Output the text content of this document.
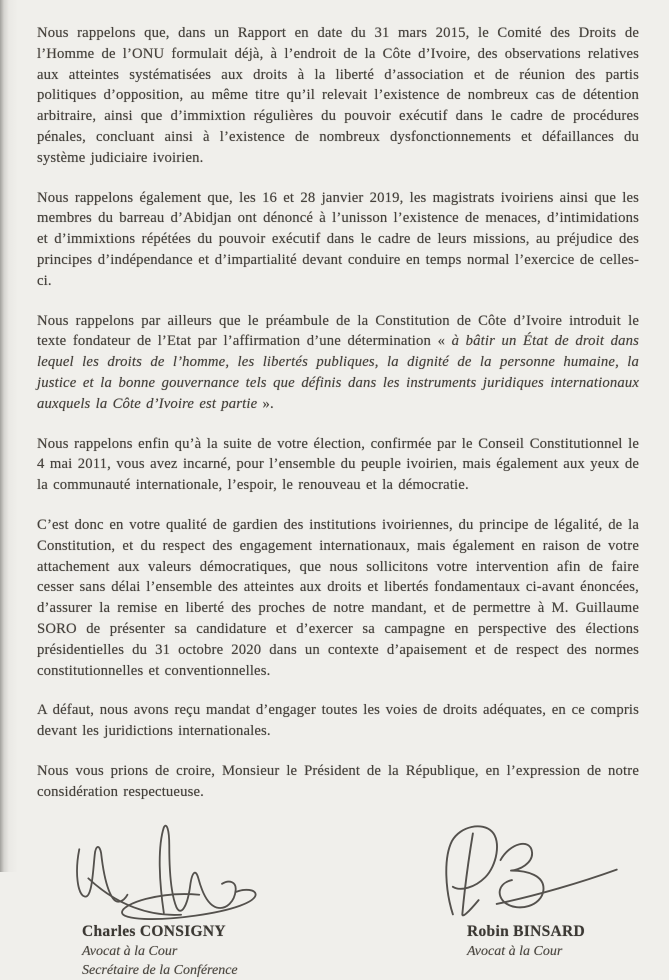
Nous rappelons que, dans un Rapport en date du 31 mars 2015, le Comité des Droits de l’Homme de l’ONU formulait déjà, à l’endroit de la Côte d’Ivoire, des observations relatives aux atteintes systématisées aux droits à la liberté d’association et de réunion des partis politiques d’opposition, au même titre qu’il relevait l’existence de nombreux cas de détention arbitraire, ainsi que d’immixtion régulières du pouvoir exécutif dans le cadre de procédures pénales, concluant ainsi à l’existence de nombreux dysfonctionnements et défaillances du système judiciaire ivoirien.

Nous rappelons également que, les 16 et 28 janvier 2019, les magistrats ivoiriens ainsi que les membres du barreau d’Abidjan ont dénoncé à l’unisson l’existence de menaces, d’intimidations et d’immixtions répétées du pouvoir exécutif dans le cadre de leurs missions, au préjudice des principes d’indépendance et d’impartialité devant conduire en temps normal l’exercice de celles-ci.

Nous rappelons par ailleurs que le préambule de la Constitution de Côte d’Ivoire introduit le texte fondateur de l’Etat par l’affirmation d’une détermination « à bâtir un État de droit dans lequel les droits de l’homme, les libertés publiques, la dignité de la personne humaine, la justice et la bonne gouvernance tels que définis dans les instruments juridiques internationaux auxquels la Côte d’Ivoire est partie ».

Nous rappelons enfin qu’à la suite de votre élection, confirmée par le Conseil Constitutionnel le 4 mai 2011, vous avez incarné, pour l’ensemble du peuple ivoirien, mais également aux yeux de la communauté internationale, l’espoir, le renouveau et la démocratie.

C’est donc en votre qualité de gardien des institutions ivoiriennes, du principe de légalité, de la Constitution, et du respect des engagement internationaux, mais également en raison de votre attachement aux valeurs démocratiques, que nous sollicitons votre intervention afin de faire cesser sans délai l’ensemble des atteintes aux droits et libertés fondamentaux ci-avant énoncées, d’assurer la remise en liberté des proches de notre mandant, et de permettre à M. Guillaume SORO de présenter sa candidature et d’exercer sa campagne en perspective des élections présidentielles du 31 octobre 2020 dans un contexte d’apaisement et de respect des normes constitutionnelles et conventionnelles.

A défaut, nous avons reçu mandat d’engager toutes les voies de droits adéquates, en ce compris devant les juridictions internationales.

Nous vous prions de croire, Monsieur le Président de la République, en l’expression de notre considération respectueuse.

Charles CONSIGNY
Avocat à la Cour
Secrétaire de la Conférence
Robin BINSARD
Avocat à la Cour
